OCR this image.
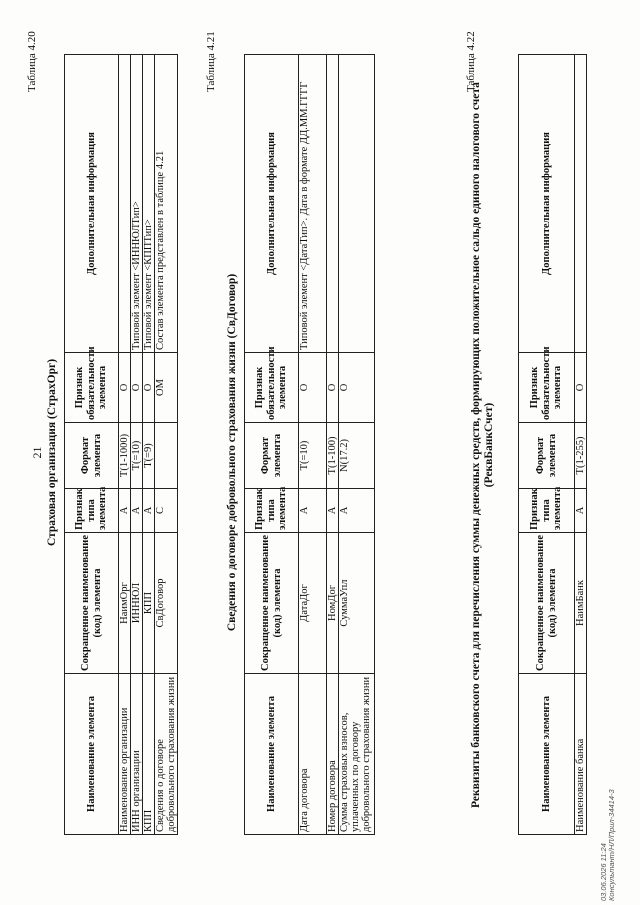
21
Таблица 4.20
Страховая организация (СтрахОрг)
Наименование элемента	Сокращенное наименование (код) элемента	Признак типа элемента	Формат элемента	Признак обязательности элемента	Дополнительная информация
Наименование организации	НаимОрг	А	T(1-1000)	О	
ИНН организации	ИННЮЛ	А	T(=10)	О	Типовой элемент <ИННЮЛТип>
КПП	КПП	А	T(=9)	О	Типовой элемент <КППТип>
Сведения о договоре добровольного страхования жизни	СвДоговор	С		ОМ	Состав элемента представлен в таблице 4.21
Таблица 4.21
Сведения о договоре добровольного страхования жизни (СвДоговор)
Наименование элемента	Сокращенное наименование (код) элемента	Признак типа элемента	Формат элемента	Признак обязательности элемента	Дополнительная информация
Дата договора	ДатаДог	А	T(=10)	О	Типовой элемент <ДатаТип>. Дата в формате ДД.ММ.ГГГГ
Номер договора	НомДог	А	T(1-100)	О	
Сумма страховых взносов, уплаченных по договору добровольного страхования жизни	СуммаУпл	А	N(17.2)	О	
Таблица 4.22
Реквизиты банковского счета для перечисления суммы денежных средств, формирующих положительное сальдо единого налогового счета (РеквБанкСчет)
Наименование элемента	Сокращенное наименование (код) элемента	Признак типа элемента	Формат элемента	Признак обязательности элемента	Дополнительная информация
Наименование банка	НаимБанк	А	T(1-255)	О	
03.06.2026 11:24 Консультант/НЛ/Прил-34414-3
